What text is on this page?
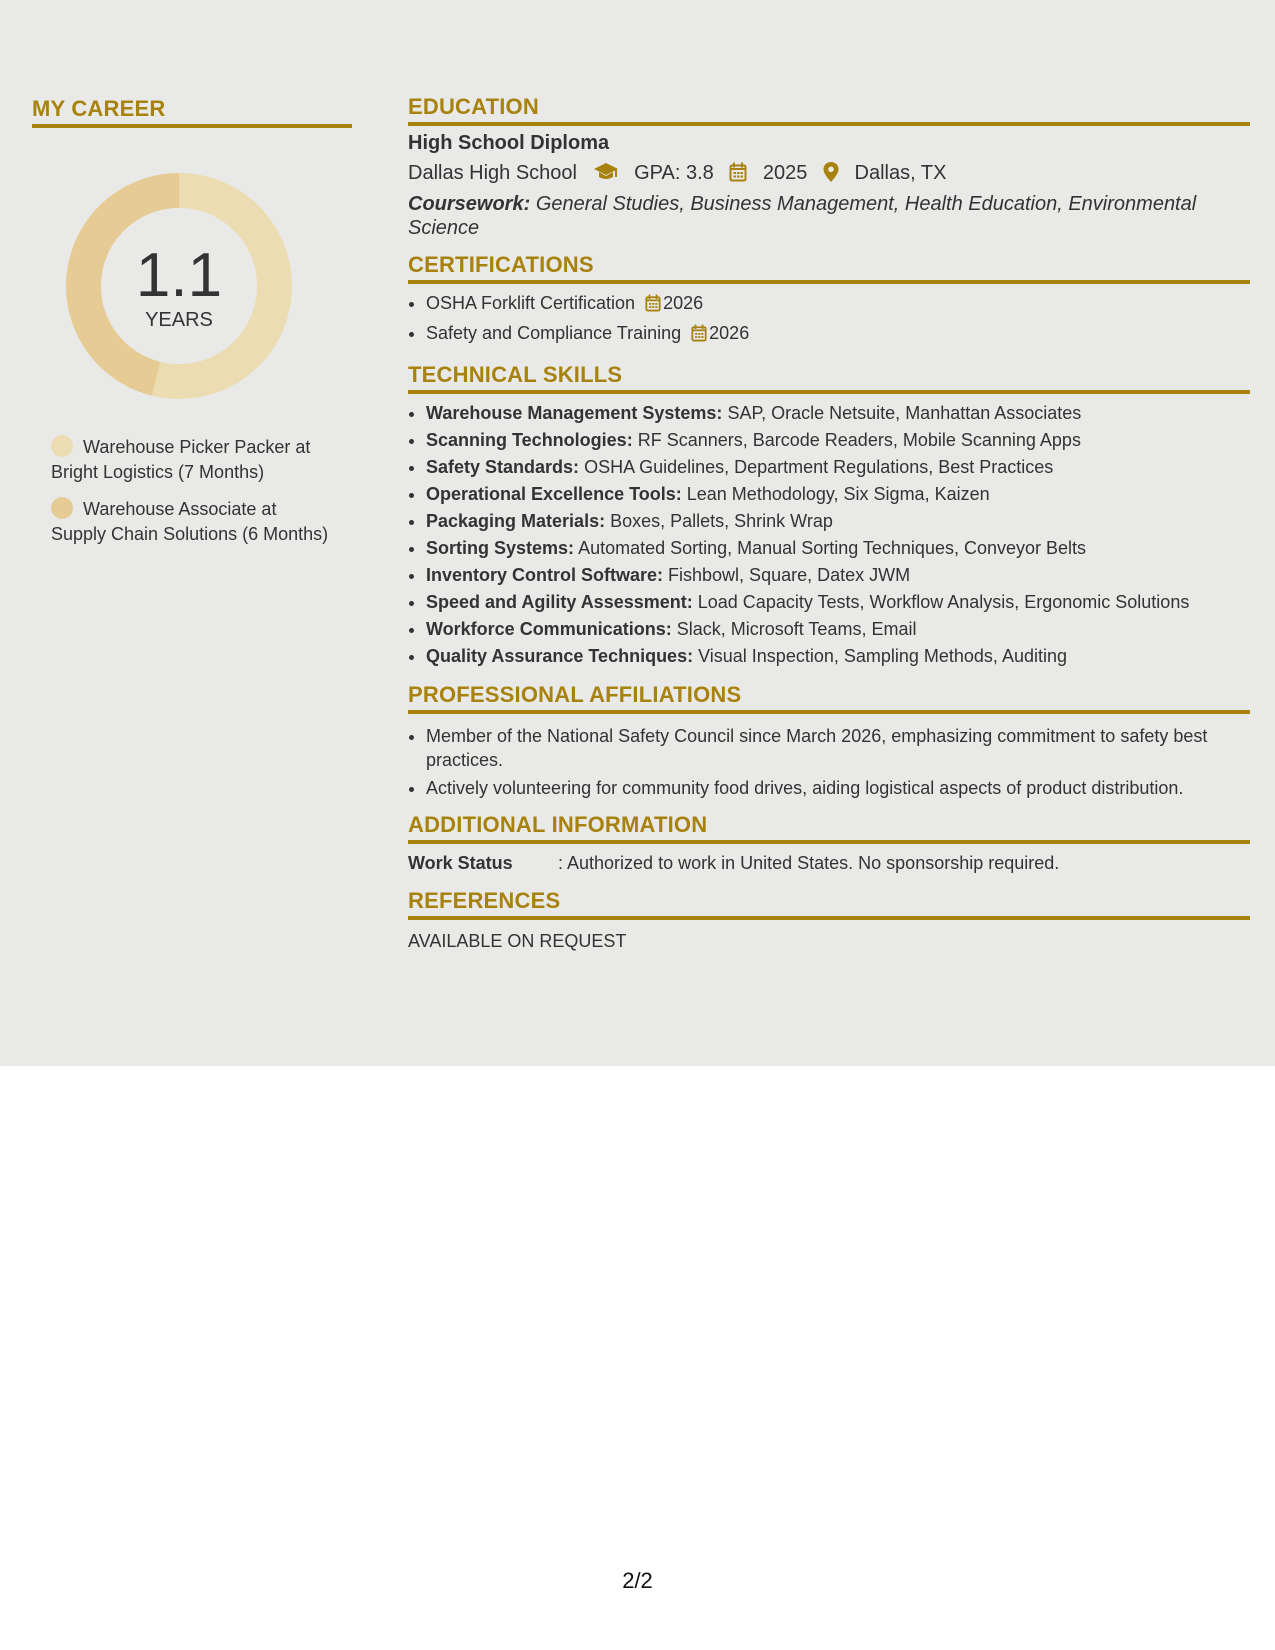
MY CAREER
1.1
YEARS
Warehouse Picker Packer at Bright Logistics (7 Months)
Warehouse Associate at Supply Chain Solutions (6 Months)
EDUCATION
High School Diploma
Dallas High School	GPA: 3.8 2025 Dallas, TX
Coursework: General Studies, Business Management, Health Education, Environmental Science
CERTIFICATIONS
• OSHA Forklift Certification 2026
• Safety and Compliance Training 2026
TECHNICAL SKILLS
• Warehouse Management Systems: SAP, Oracle Netsuite, Manhattan Associates
• Scanning Technologies: RF Scanners, Barcode Readers, Mobile Scanning Apps
• Safety Standards: OSHA Guidelines, Department Regulations, Best Practices
• Operational Excellence Tools: Lean Methodology, Six Sigma, Kaizen
• Packaging Materials: Boxes, Pallets, Shrink Wrap
• Sorting Systems: Automated Sorting, Manual Sorting Techniques, Conveyor Belts
• Inventory Control Software: Fishbowl, Square, Datex JWM
• Speed and Agility Assessment: Load Capacity Tests, Workflow Analysis, Ergonomic Solutions
• Workforce Communications: Slack, Microsoft Teams, Email
• Quality Assurance Techniques: Visual Inspection, Sampling Methods, Auditing
PROFESSIONAL AFFILIATIONS
• Member of the National Safety Council since March 2026, emphasizing commitment to safety best practices.
• Actively volunteering for community food drives, aiding logistical aspects of product distribution.
ADDITIONAL INFORMATION
Work Status	: Authorized to work in United States. No sponsorship required.
REFERENCES
AVAILABLE ON REQUEST
2/2
